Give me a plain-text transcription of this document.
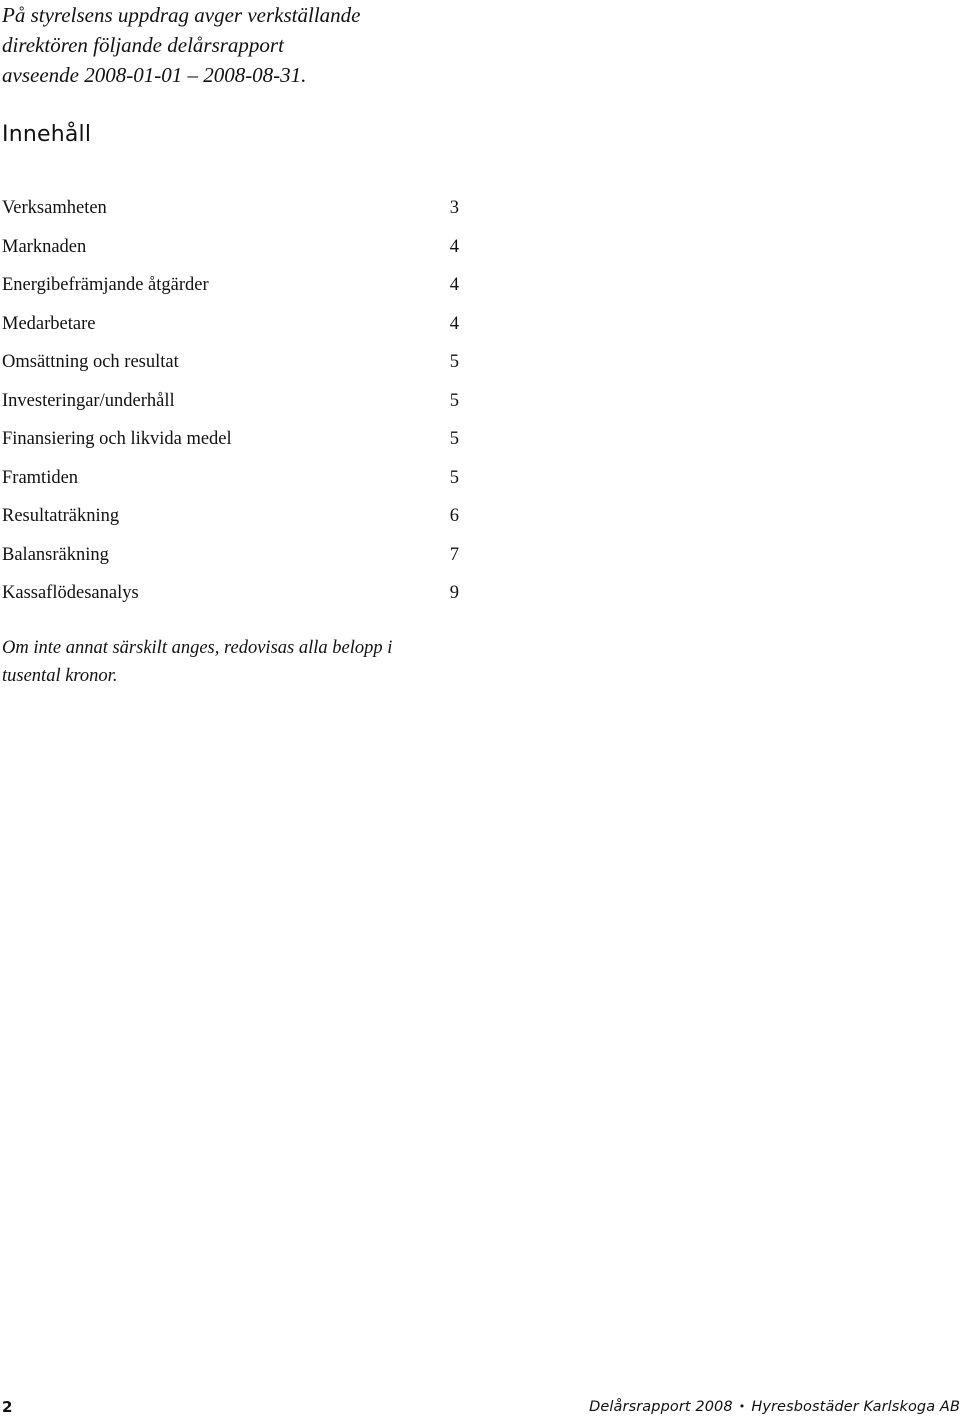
På styrelsens uppdrag avger verkställande
direktören följande delårsrapport
avseende 2008-01-01 – 2008-08-31.

Innehåll
Verksamheten	3
Marknaden	4
Energibefrämjande åtgärder	4
Medarbetare	4
Omsättning och resultat	5
Investeringar/underhåll	5
Finansiering och likvida medel	5
Framtiden	5
Resultaträkning	6
Balansräkning	7
Kassaflödesanalys	9

Om inte annat särskilt anges, redovisas alla belopp i
tusental kronor.

2	Delårsrapport 2008 • Hyresbostäder Karlskoga AB
